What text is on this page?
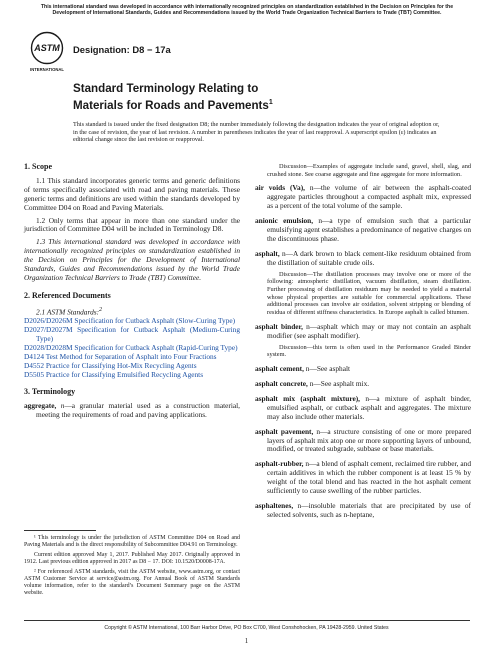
This international standard was developed in accordance with internationally recognized principles on standardization established in the Decision on Principles for the Development of International Standards, Guides and Recommendations issued by the World Trade Organization Technical Barriers to Trade (TBT) Committee.
ASTM
INTERNATIONAL
Designation: D8 − 17a
Standard Terminology Relating to
Materials for Roads and Pavements$^1$
This standard is issued under the fixed designation D8; the number immediately following the designation indicates the year of original adoption or, in the case of revision, the year of last revision. A number in parentheses indicates the year of last reapproval. A superscript epsilon (ε) indicates an editorial change since the last revision or reapproval.

1. Scope

1.1 This standard incorporates generic terms and generic definitions of terms specifically associated with road and paving materials. These generic terms and definitions are used within the standards developed by Committee D04 on Road and Paving Materials.

1.2 Only terms that appear in more than one standard under the jurisdiction of Committee D04 will be included in Terminology D8.

1.3 This international standard was developed in accordance with internationally recognized principles on standardization established in the Decision on Principles for the Development of International Standards, Guides and Recommendations issued by the World Trade Organization Technical Barriers to Trade (TBT) Committee.

2. Referenced Documents

2.1 ASTM Standards:$^2$

D2026/D2026M Specification for Cutback Asphalt (Slow-Curing Type)

D2027/D2027M Specification for Cutback Asphalt (Medium-Curing Type)

D2028/D2028M Specification for Cutback Asphalt (Rapid-Curing Type)

D4124 Test Method for Separation of Asphalt into Four Fractions

D4552 Practice for Classifying Hot-Mix Recycling Agents

D5505 Practice for Classifying Emulsified Recycling Agents

3. Terminology

aggregate, n—a granular material used as a construction material, meeting the requirements of road and paving applications.

¹ This terminology is under the jurisdiction of ASTM Committee D04 on Road and Paving Materials and is the direct responsibility of Subcommittee D04.91 on Terminology.

Current edition approved May 1, 2017. Published May 2017. Originally approved in 1912. Last previous edition approved in 2017 as D8 − 17. DOI: 10.1520/D0008-17A.

² For referenced ASTM standards, visit the ASTM website, www.astm.org, or contact ASTM Customer Service at service@astm.org. For Annual Book of ASTM Standards volume information, refer to the standard’s Document Summary page on the ASTM website.

Discussion—Examples of aggregate include sand, gravel, shell, slag, and crushed stone. See coarse aggregate and fine aggregate for more information.

air voids (Va), n—the volume of air between the asphalt-coated aggregate particles throughout a compacted asphalt mix, expressed as a percent of the total volume of the sample.

anionic emulsion, n—a type of emulsion such that a particular emulsifying agent establishes a predominance of negative charges on the discontinuous phase.

asphalt, n—A dark brown to black cement-like residuum obtained from the distillation of suitable crude oils.

Discussion—The distillation processes may involve one or more of the following: atmospheric distillation, vacuum distillation, steam distillation. Further processing of distillation residuum may be needed to yield a material whose physical properties are suitable for commercial applications. These additional processes can involve air oxidation, solvent stripping or blending of residua of different stiffness characteristics. In Europe asphalt is called bitumen.

asphalt binder, n—asphalt which may or may not contain an asphalt modifier (see asphalt modifier).

Discussion—this term is often used in the Performance Graded Binder system.

asphalt cement, n—See asphalt

asphalt concrete, n—See asphalt mix.

asphalt mix (asphalt mixture), n—a mixture of asphalt binder, emulsified asphalt, or cutback asphalt and aggregates. The mixture may also include other materials.

asphalt pavement, n—a structure consisting of one or more prepared layers of asphalt mix atop one or more supporting layers of unbound, modified, or treated subgrade, subbase or base materials.

asphalt-rubber, n—a blend of asphalt cement, reclaimed tire rubber, and certain additives in which the rubber component is at least 15 % by weight of the total blend and has reacted in the hot asphalt cement sufficiently to cause swelling of the rubber particles.

asphaltenes, n—insoluble materials that are precipitated by use of selected solvents, such as n-heptane,

Copyright © ASTM International, 100 Barr Harbor Drive, PO Box C700, West Conshohocken, PA 19428-2959. United States
1
